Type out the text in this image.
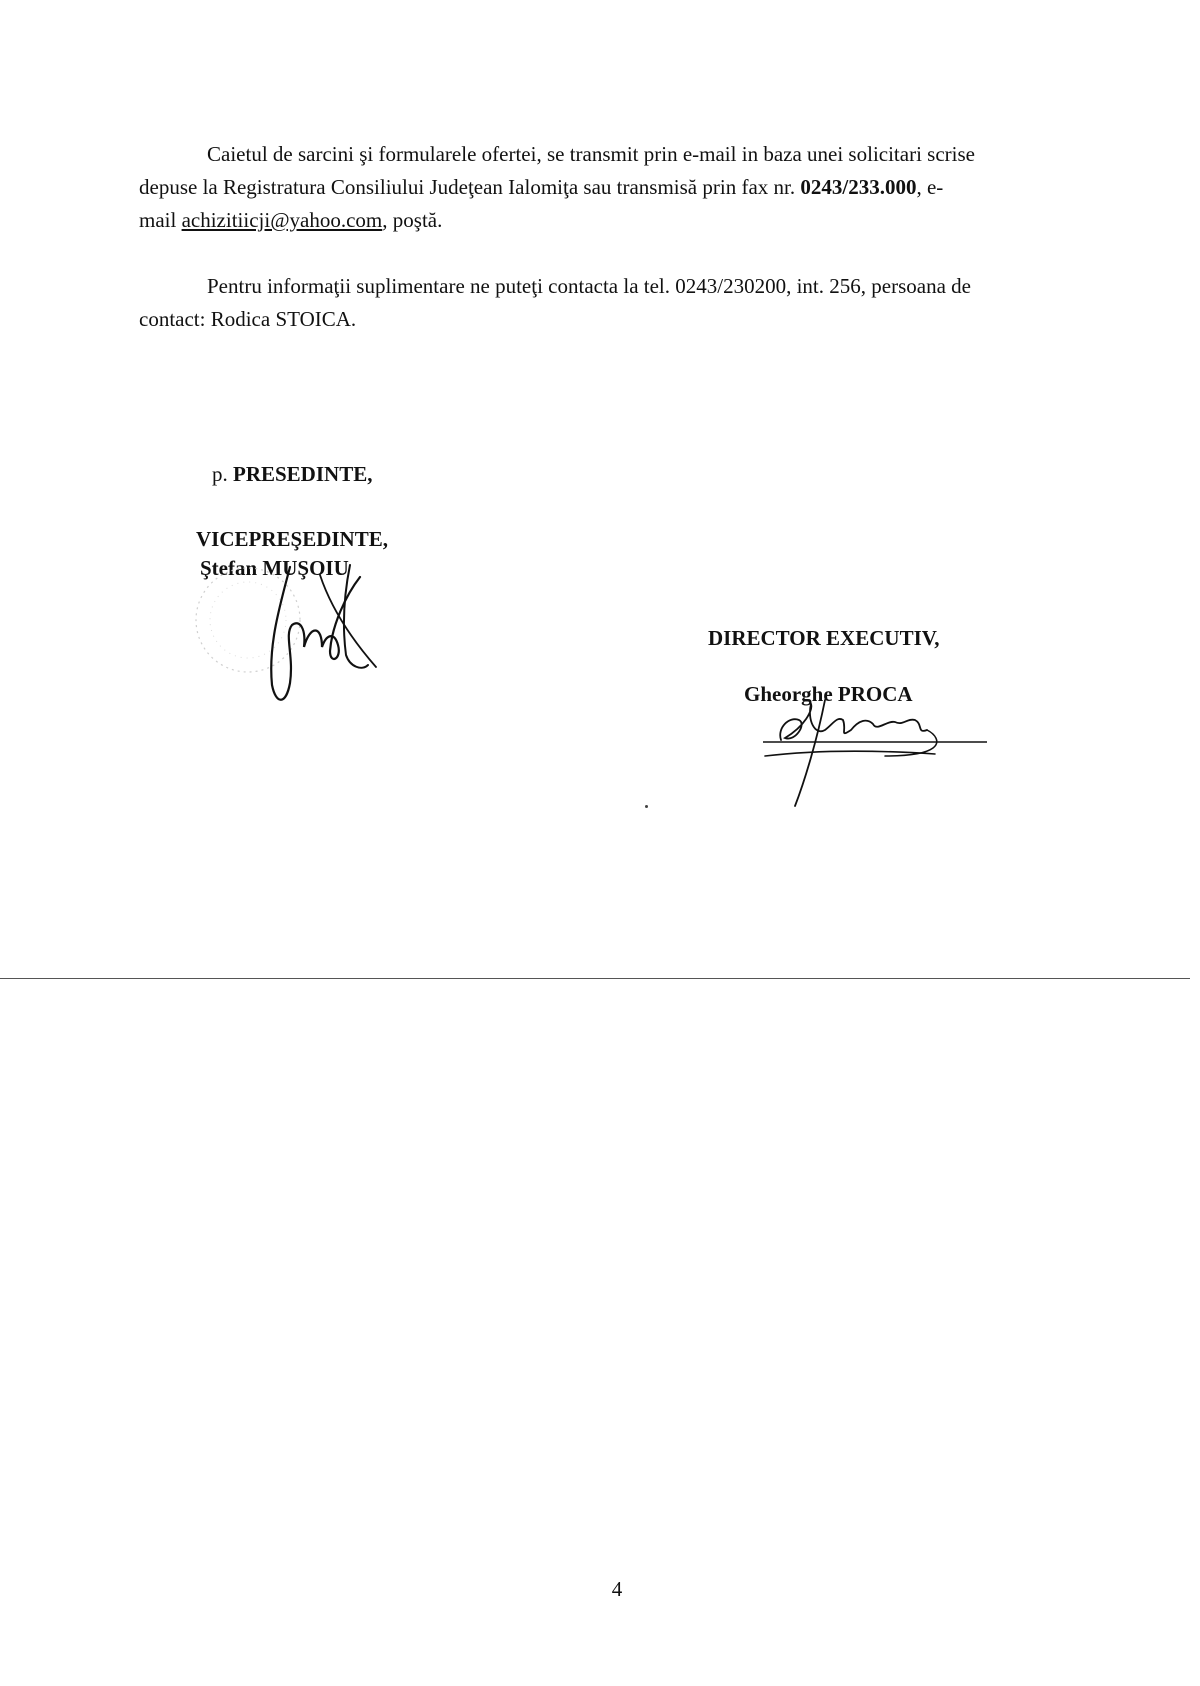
Caietul de sarcini şi formularele ofertei, se transmit prin e-mail in baza unei solicitari scrise
depuse la Registratura Consiliului Judeţean Ialomiţa sau transmisă prin fax nr. 0243/233.000, e-
mail achizitiicji@yahoo.com, poştă.
Pentru informaţii suplimentare ne puteţi contacta la tel. 0243/230200, int. 256, persoana de
contact: Rodica STOICA.
p. PRESEDINTE,
VICEPREŞEDINTE,
Ştefan MUŞOIU
DIRECTOR EXECUTIV,
Gheorghe PROCA
4
